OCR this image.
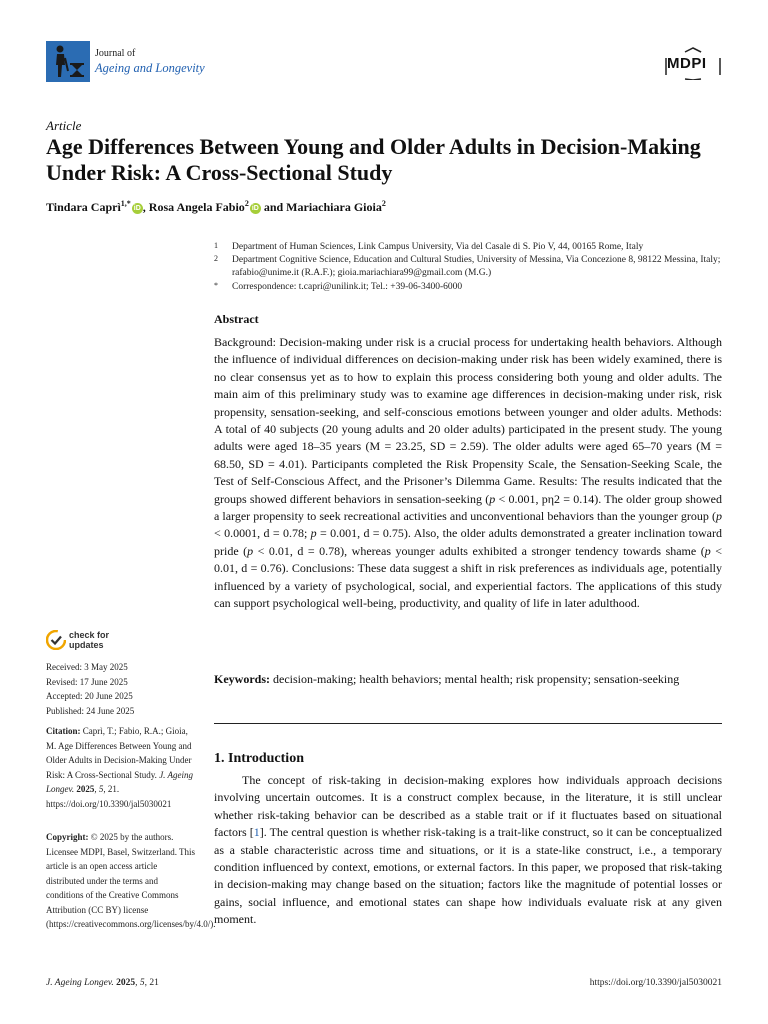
Journal of
Ageing and Longevity	MDPI
Article
Age Differences Between Young and Older Adults in Decision-Making Under Risk: A Cross-Sectional Study
Tindara Caprì$^{1,*}$iD , Rosa Angela Fabio$^2$iD and Mariachiara Gioia$^2$
1 Department of Human Sciences, Link Campus University, Via del Casale di S. Pio V, 44, 00165 Rome, Italy
2 Department Cognitive Science, Education and Cultural Studies, University of Messina, Via Concezione 8, 98122 Messina, Italy; rafabio@unime.it (R.A.F.); gioia.mariachiara99@gmail.com (M.G.)
* Correspondence: t.capri@unilink.it; Tel.: +39-06-3400-6000
Abstract
Background: Decision-making under risk is a crucial process for undertaking health behaviors. Although the influence of individual differences on decision-making under risk has been widely examined, there is no clear consensus yet as to how to explain this process considering both young and older adults. The main aim of this preliminary study was to examine age differences in decision-making under risk, risk propensity, sensation-seeking, and self-conscious emotions between younger and older adults. Methods: A total of 40 subjects (20 young adults and 20 older adults) participated in the present study. The young adults were aged 18–35 years (M = 23.25, SD = 2.59). The older adults were aged 65–70 years (M = 68.50, SD = 4.01). Participants completed the Risk Propensity Scale, the Sensation-Seeking Scale, the Test of Self-Conscious Affect, and the Prisoner’s Dilemma Game. Results: The results indicated that the groups showed different behaviors in sensation-seeking (p < 0.001, pη2 = 0.14). The older group showed a larger propensity to seek recreational activities and unconventional behaviors than the younger group (p < 0.0001, d = 0.78; p = 0.001, d = 0.75). Also, the older adults demonstrated a greater inclination toward pride (p < 0.01, d = 0.78), whereas younger adults exhibited a stronger tendency towards shame (p < 0.01, d = 0.76). Conclusions: These data suggest a shift in risk preferences as individuals age, potentially influenced by a variety of psychological, social, and experiential factors. The applications of this study can support psychological well-being, productivity, and quality of life in later adulthood.
Keywords: decision-making; health behaviors; mental health; risk propensity; sensation-seeking
1. Introduction
The concept of risk-taking in decision-making explores how individuals approach decisions involving uncertain outcomes. It is a construct complex because, in the literature, it is still unclear whether risk-taking behavior can be described as a stable trait or if it fluctuates based on situational factors [1]. The central question is whether risk-taking is a trait-like construct, so it can be conceptualized as a stable characteristic across time and situations, or it is a state-like construct, i.e., a temporary condition influenced by context, emotions, or external factors. In this paper, we proposed that risk-taking in decision-making may change based on the situation; factors like the magnitude of potential losses or gains, social influence, and emotional states can shape how individuals evaluate risk at any given moment.
check for
updates
Received: 3 May 2025
Revised: 17 June 2025
Accepted: 20 June 2025
Published: 24 June 2025
Citation: Caprì, T.; Fabio, R.A.; Gioia, M. Age Differences Between Young and Older Adults in Decision-Making Under Risk: A Cross-Sectional Study. J. Ageing Longev. 2025, 5, 21. https://doi.org/10.3390/jal5030021
Copyright: © 2025 by the authors. Licensee MDPI, Basel, Switzerland. This article is an open access article distributed under the terms and conditions of the Creative Commons Attribution (CC BY) license (https://creativecommons.org/licenses/by/4.0/).
J. Ageing Longev. 2025, 5, 21	https://doi.org/10.3390/jal5030021
